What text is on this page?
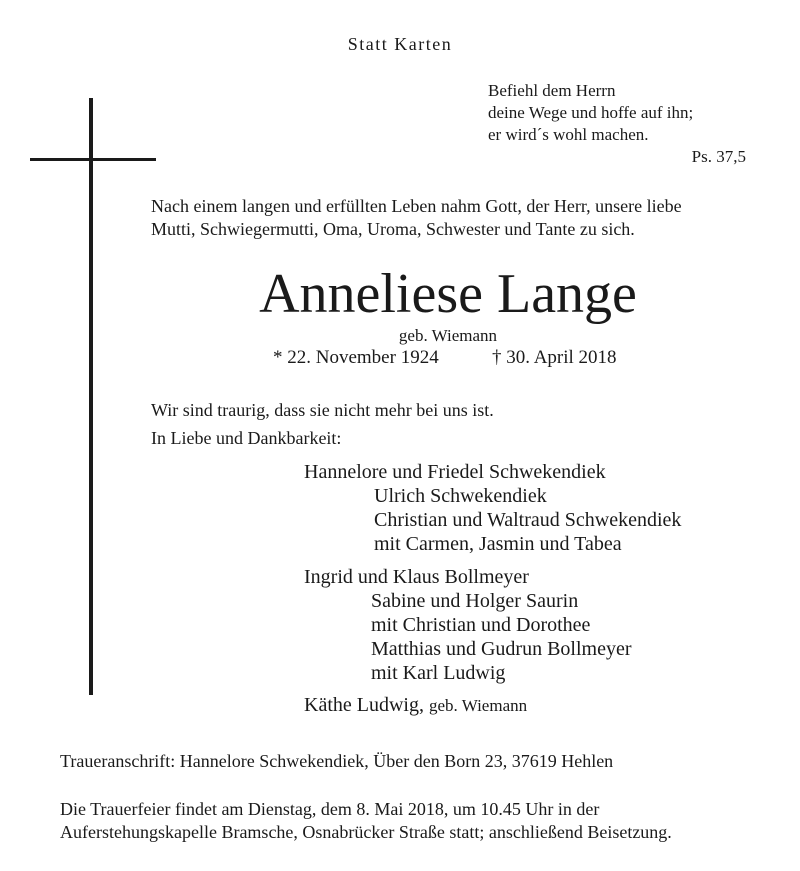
Statt Karten
Befiehl dem Herrn
deine Wege und hoffe auf ihn;
er wird´s wohl machen.
Ps. 37,5
Nach einem langen und erfüllten Leben nahm Gott, der Herr, unsere liebe
Mutti, Schwiegermutti, Oma, Uroma, Schwester und Tante zu sich.
Anneliese Lange
geb. Wiemann
* 22. November 1924	† 30. April 2018
Wir sind traurig, dass sie nicht mehr bei uns ist.
In Liebe und Dankbarkeit:
Hannelore und Friedel Schwekendiek
Ulrich Schwekendiek
Christian und Waltraud Schwekendiek
mit Carmen, Jasmin und Tabea
Ingrid und Klaus Bollmeyer
Sabine und Holger Saurin
mit Christian und Dorothee
Matthias und Gudrun Bollmeyer
mit Karl Ludwig
Käthe Ludwig, geb. Wiemann
Traueranschrift: Hannelore Schwekendiek, Über den Born 23, 37619 Hehlen
Die Trauerfeier findet am Dienstag, dem 8. Mai 2018, um 10.45 Uhr in der
Auferstehungskapelle Bramsche, Osnabrücker Straße statt; anschließend Beisetzung.
